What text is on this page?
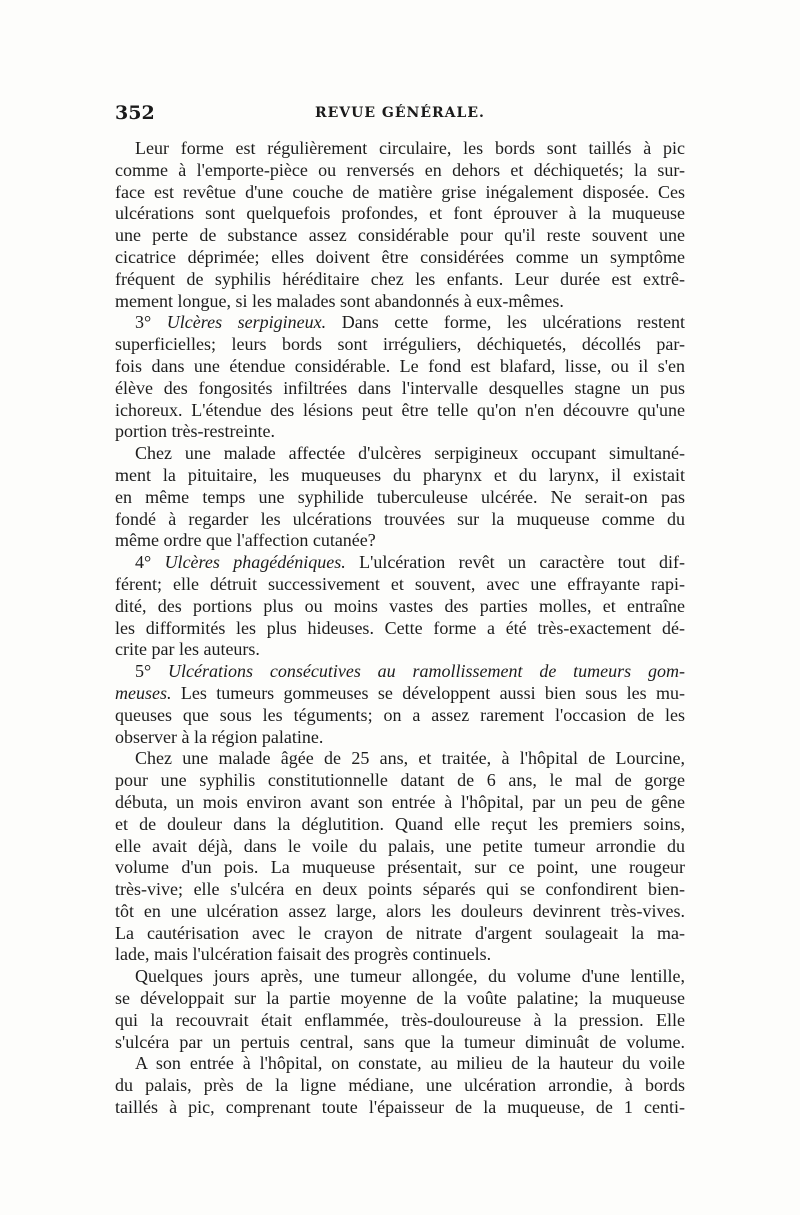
352	REVUE GÉNÉRALE.
Leur forme est régulièrement circulaire, les bords sont taillés à pic
comme à l'emporte-pièce ou renversés en dehors et déchiquetés; la sur-
face est revêtue d'une couche de matière grise inégalement disposée. Ces
ulcérations sont quelquefois profondes, et font éprouver à la muqueuse
une perte de substance assez considérable pour qu'il reste souvent une
cicatrice déprimée; elles doivent être considérées comme un symptôme
fréquent de syphilis héréditaire chez les enfants. Leur durée est extrê-
mement longue, si les malades sont abandonnés à eux-mêmes.
3° Ulcères serpigineux. Dans cette forme, les ulcérations restent
superficielles; leurs bords sont irréguliers, déchiquetés, décollés par-
fois dans une étendue considérable. Le fond est blafard, lisse, ou il s'en
élève des fongosités infiltrées dans l'intervalle desquelles stagne un pus
ichoreux. L'étendue des lésions peut être telle qu'on n'en découvre qu'une
portion très-restreinte.
Chez une malade affectée d'ulcères serpigineux occupant simultané-
ment la pituitaire, les muqueuses du pharynx et du larynx, il existait
en même temps une syphilide tuberculeuse ulcérée. Ne serait-on pas
fondé à regarder les ulcérations trouvées sur la muqueuse comme du
même ordre que l'affection cutanée?
4° Ulcères phagédéniques. L'ulcération revêt un caractère tout dif-
férent; elle détruit successivement et souvent, avec une effrayante rapi-
dité, des portions plus ou moins vastes des parties molles, et entraîne
les difformités les plus hideuses. Cette forme a été très-exactement dé-
crite par les auteurs.
5° Ulcérations consécutives au ramollissement de tumeurs gom-
meuses. Les tumeurs gommeuses se développent aussi bien sous les mu-
queuses que sous les téguments; on a assez rarement l'occasion de les
observer à la région palatine.
Chez une malade âgée de 25 ans, et traitée, à l'hôpital de Lourcine,
pour une syphilis constitutionnelle datant de 6 ans, le mal de gorge
débuta, un mois environ avant son entrée à l'hôpital, par un peu de gêne
et de douleur dans la déglutition. Quand elle reçut les premiers soins,
elle avait déjà, dans le voile du palais, une petite tumeur arrondie du
volume d'un pois. La muqueuse présentait, sur ce point, une rougeur
très-vive; elle s'ulcéra en deux points séparés qui se confondirent bien-
tôt en une ulcération assez large, alors les douleurs devinrent très-vives.
La cautérisation avec le crayon de nitrate d'argent soulageait la ma-
lade, mais l'ulcération faisait des progrès continuels.
Quelques jours après, une tumeur allongée, du volume d'une lentille,
se développait sur la partie moyenne de la voûte palatine; la muqueuse
qui la recouvrait était enflammée, très-douloureuse à la pression. Elle
s'ulcéra par un pertuis central, sans que la tumeur diminuât de volume.
A son entrée à l'hôpital, on constate, au milieu de la hauteur du voile
du palais, près de la ligne médiane, une ulcération arrondie, à bords
taillés à pic, comprenant toute l'épaisseur de la muqueuse, de 1 centi-
